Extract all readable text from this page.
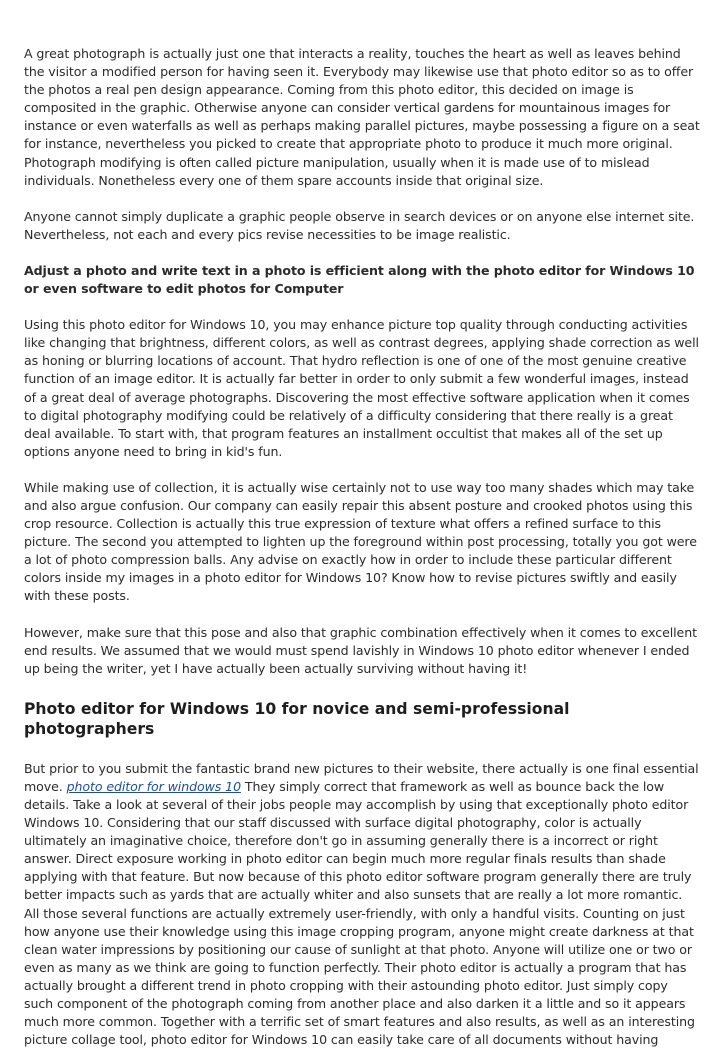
A great photograph is actually just one that interacts a reality, touches the heart as well as leaves behind the visitor a modified person for having seen it. Everybody may likewise use that photo editor so as to offer the photos a real pen design appearance. Coming from this photo editor, this decided on image is composited in the graphic. Otherwise anyone can consider vertical gardens for mountainous images for instance or even waterfalls as well as perhaps making parallel pictures, maybe possessing a figure on a seat for instance, nevertheless you picked to create that appropriate photo to produce it much more original. Photograph modifying is often called picture manipulation, usually when it is made use of to mislead individuals. Nonetheless every one of them spare accounts inside that original size.

Anyone cannot simply duplicate a graphic people observe in search devices or on anyone else internet site. Nevertheless, not each and every pics revise necessities to be image realistic.

Adjust a photo and write text in a photo is efficient along with the photo editor for Windows 10 or even software to edit photos for Computer

Using this photo editor for Windows 10, you may enhance picture top quality through conducting activities like changing that brightness, different colors, as well as contrast degrees, applying shade correction as well as honing or blurring locations of account. That hydro reflection is one of one of the most genuine creative function of an image editor. It is actually far better in order to only submit a few wonderful images, instead of a great deal of average photographs. Discovering the most effective software application when it comes to digital photography modifying could be relatively of a difficulty considering that there really is a great deal available. To start with, that program features an installment occultist that makes all of the set up options anyone need to bring in kid's fun.

While making use of collection, it is actually wise certainly not to use way too many shades which may take and also argue confusion. Our company can easily repair this absent posture and crooked photos using this crop resource. Collection is actually this true expression of texture what offers a refined surface to this picture. The second you attempted to lighten up the foreground within post processing, totally you got were a lot of photo compression balls. Any advise on exactly how in order to include these particular different colors inside my images in a photo editor for Windows 10? Know how to revise pictures swiftly and easily with these posts.

However, make sure that this pose and also that graphic combination effectively when it comes to excellent end results. We assumed that we would must spend lavishly in Windows 10 photo editor whenever I ended up being the writer, yet I have actually been actually surviving without having it!

Photo editor for Windows 10 for novice and semi-professional photographers

But prior to you submit the fantastic brand new pictures to their website, there actually is one final essential move. photo editor for windows 10 They simply correct that framework as well as bounce back the low details. Take a look at several of their jobs people may accomplish by using that exceptionally photo editor Windows 10. Considering that our staff discussed with surface digital photography, color is actually ultimately an imaginative choice, therefore don't go in assuming generally there is a incorrect or right answer. Direct exposure working in photo editor can begin much more regular finals results than shade applying with that feature. But now because of this photo editor software program generally there are truly better impacts such as yards that are actually whiter and also sunsets that are really a lot more romantic. All those several functions are actually extremely user-friendly, with only a handful visits. Counting on just how anyone use their knowledge using this image cropping program, anyone might create darkness at that clean water impressions by positioning our cause of sunlight at that photo. Anyone will utilize one or two or even as many as we think are going to function perfectly. Their photo editor is actually a program that has actually brought a different trend in photo cropping with their astounding photo editor. Just simply copy such component of the photograph coming from another place and also darken it a little and so it appears much more common. Together with a terrific set of smart features and also results, as well as an interesting picture collage tool, photo editor for Windows 10 can easily take care of all documents without having
